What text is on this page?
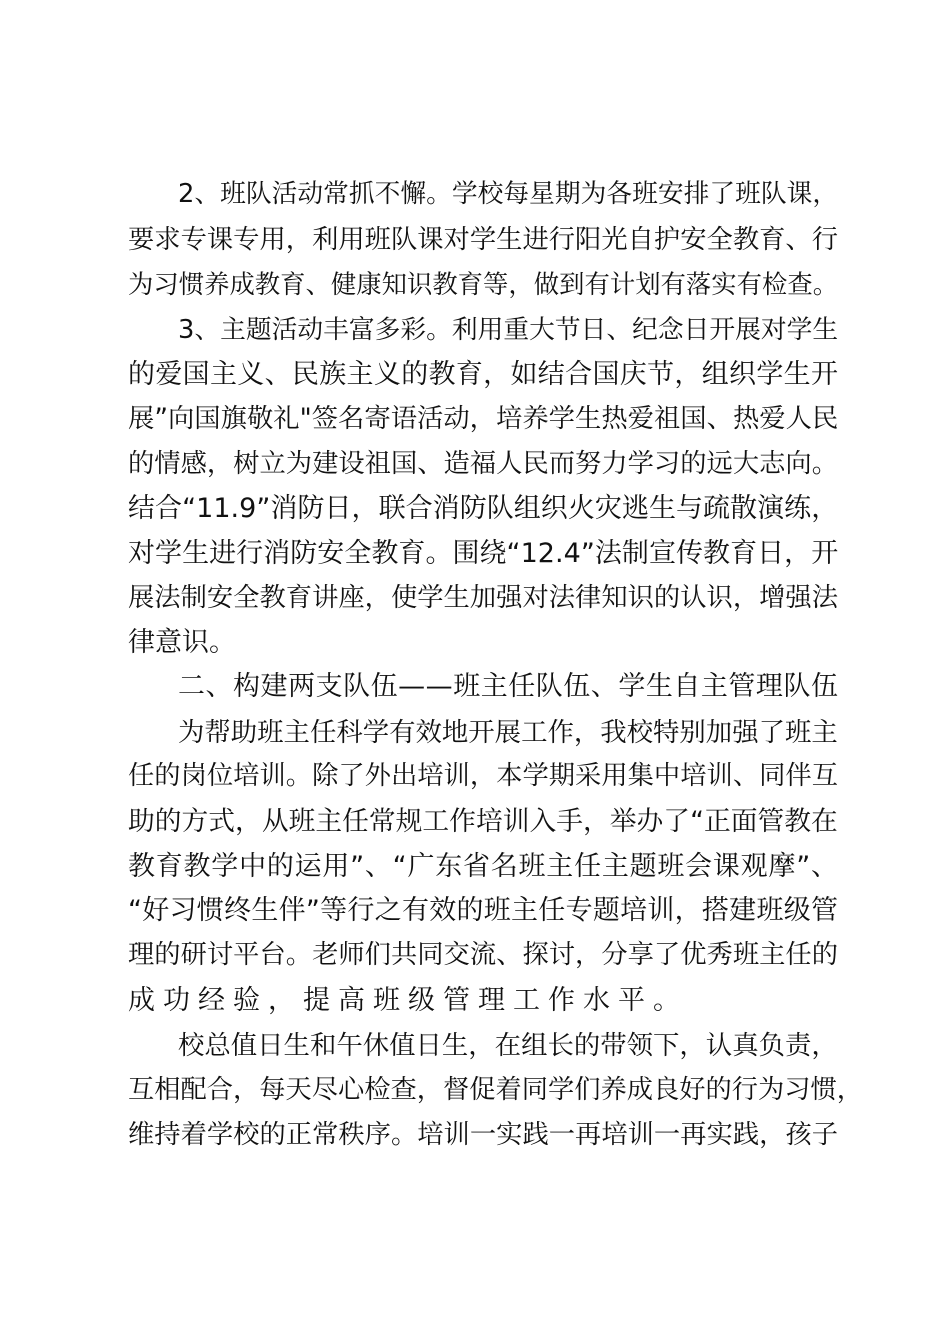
2、班队活动常抓不懈。学校每星期为各班安排了班队课，
要求专课专用，利用班队课对学生进行阳光自护安全教育、行
为习惯养成教育、健康知识教育等，做到有计划有落实有检查。
3、主题活动丰富多彩。利用重大节日、纪念日开展对学生
的爱国主义、民族主义的教育，如结合国庆节，组织学生开
展”向国旗敬礼"签名寄语活动，培养学生热爱祖国、热爱人民
的情感，树立为建设祖国、造福人民而努力学习的远大志向。
结合“11.9”消防日，联合消防队组织火灾逃生与疏散演练，
对学生进行消防安全教育。围绕“12.4”法制宣传教育日，开
展法制安全教育讲座，使学生加强对法律知识的认识，增强法
律意识。
二、构建两支队伍——班主任队伍、学生自主管理队伍
为帮助班主任科学有效地开展工作，我校特别加强了班主
任的岗位培训。除了外出培训，本学期采用集中培训、同伴互
助的方式，从班主任常规工作培训入手，举办了“正面管教在
教育教学中的运用”、“广东省名班主任主题班会课观摩”、
“好习惯终生伴”等行之有效的班主任专题培训，搭建班级管
理的研讨平台。老师们共同交流、探讨，分享了优秀班主任的
成功经验，提高班级管理工作水平。
校总值日生和午休值日生，在组长的带领下，认真负责，
互相配合，每天尽心检查，督促着同学们养成良好的行为习惯，
维持着学校的正常秩序。培训一实践一再培训一再实践，孩子
